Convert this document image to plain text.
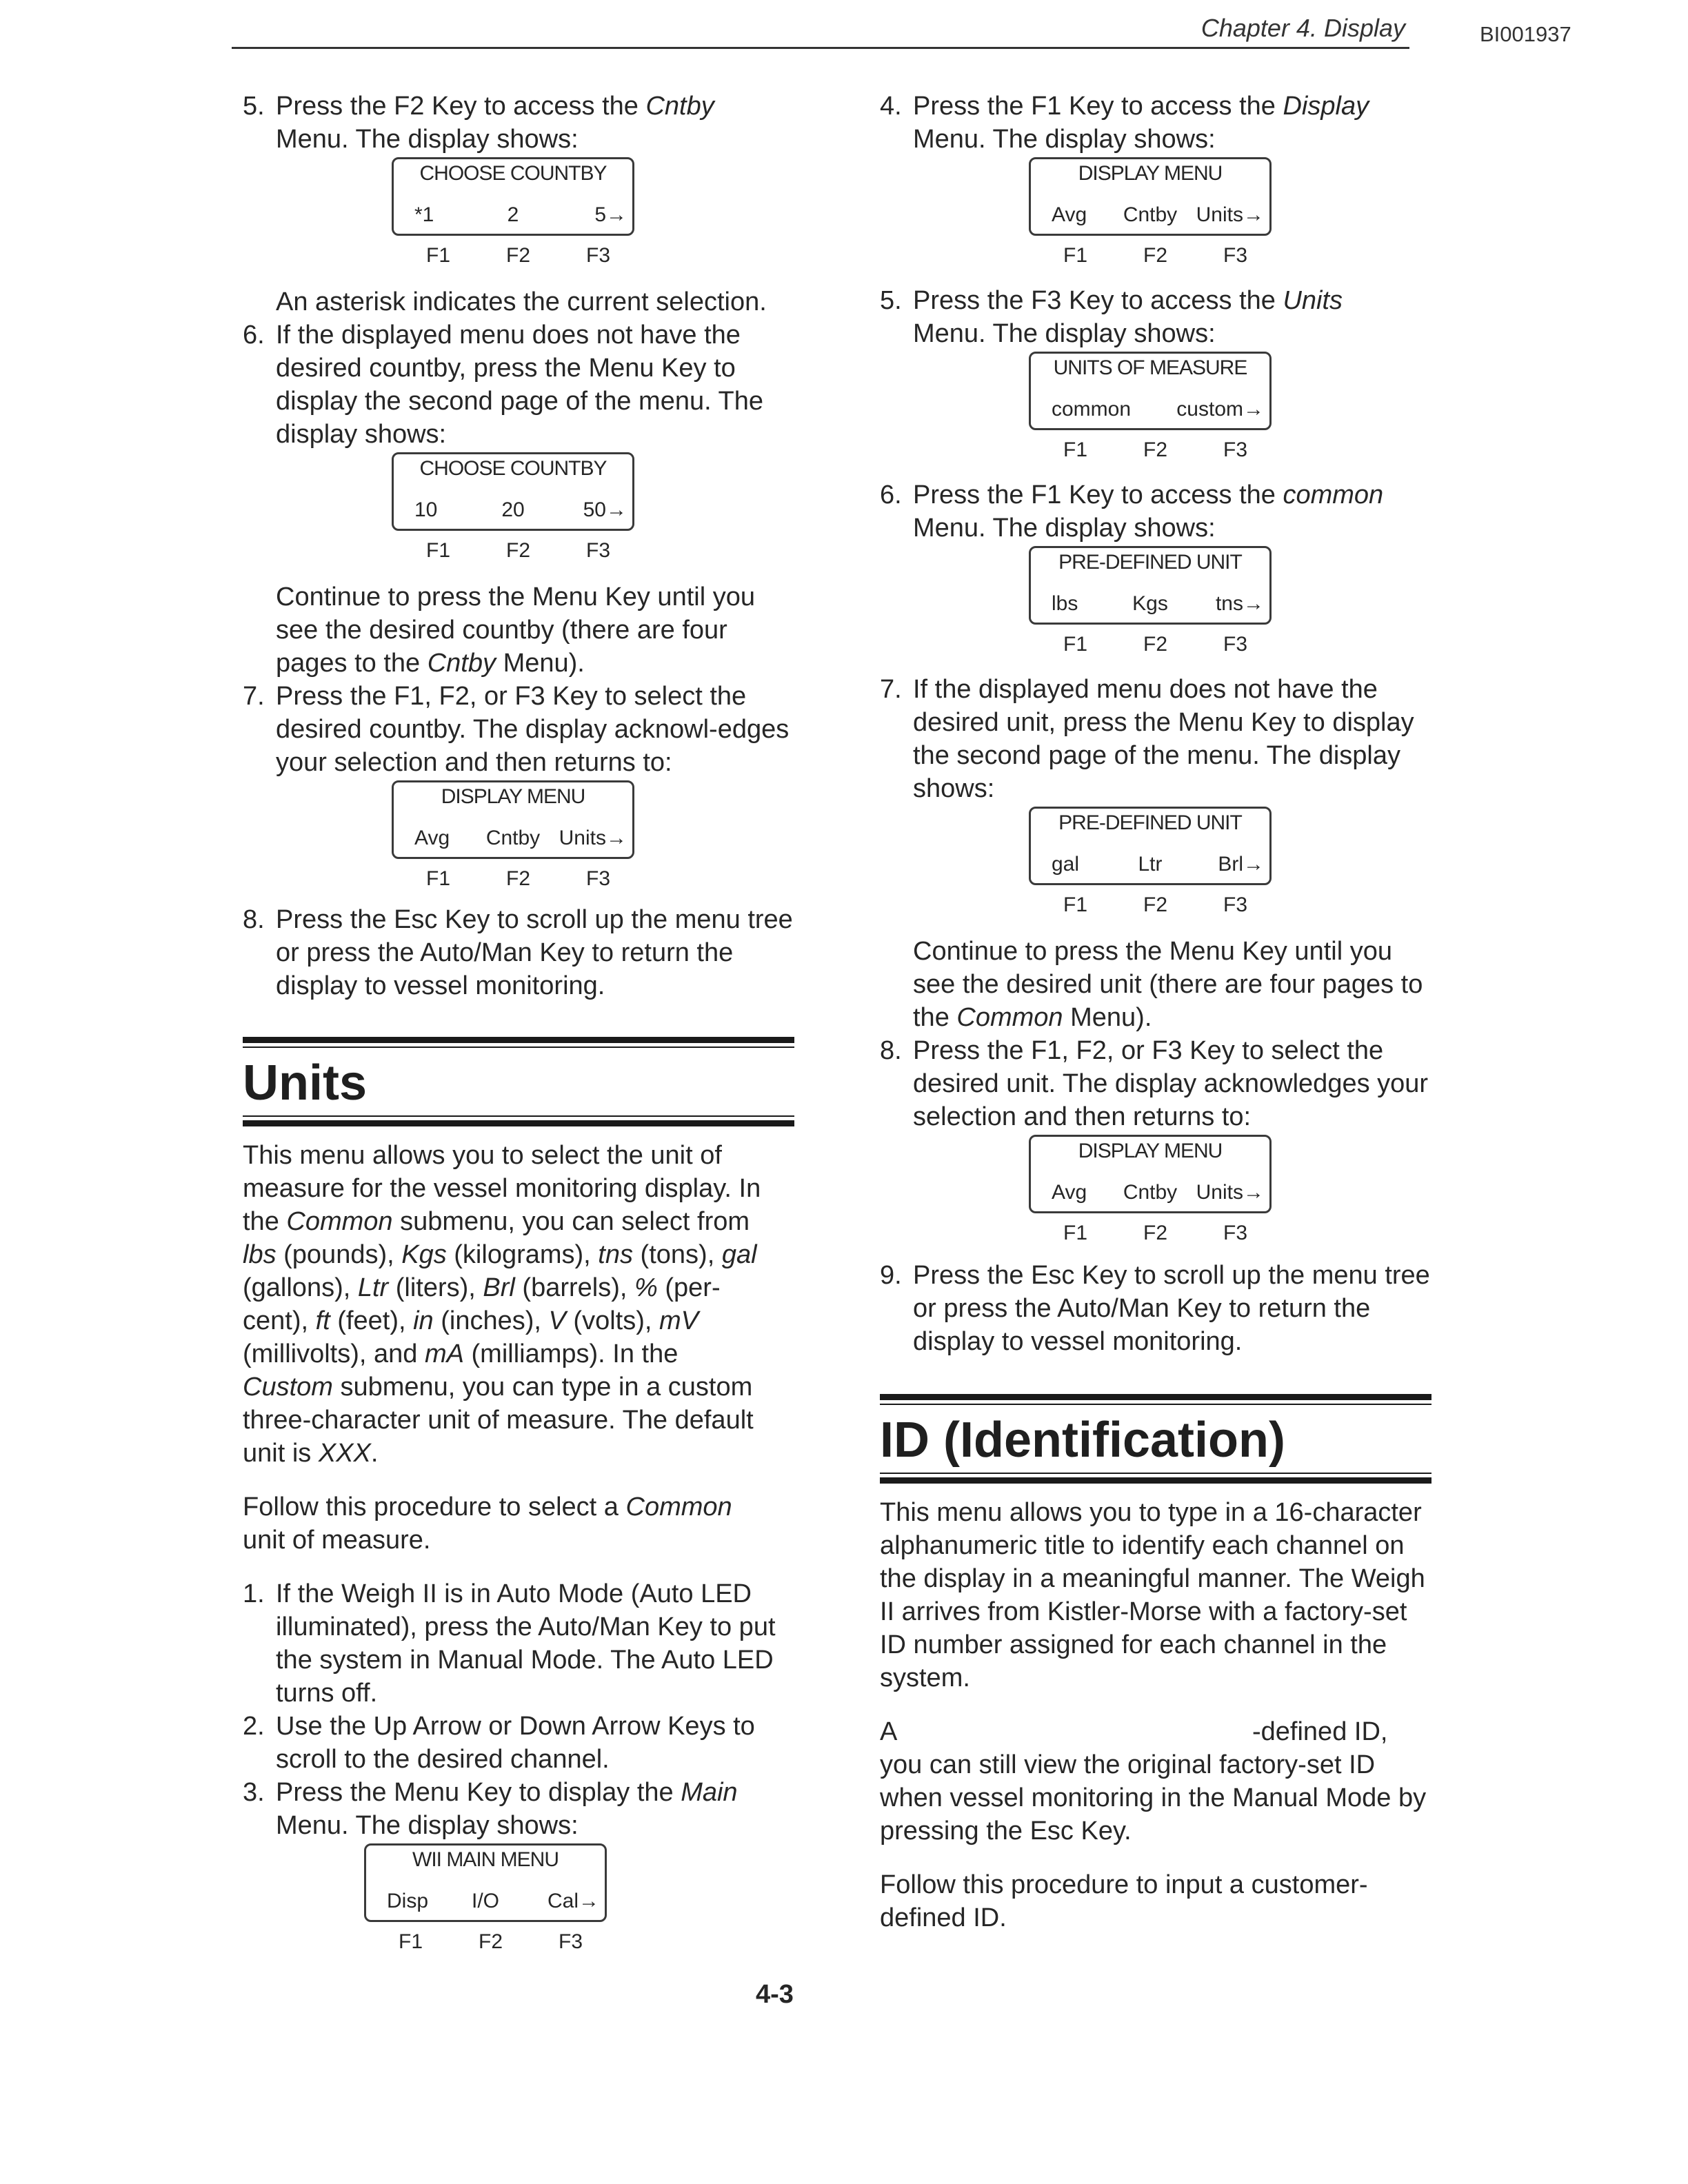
Chapter 4. Display	BI001937
5. Press the F2 Key to access the Cntby
Menu. The display shows:
CHOOSE COUNTBY
*1	2	5→
F1	F2	F3
An asterisk indicates the current selection.
6. If the displayed menu does not have the desired countby, press the Menu Key to display the second page of the menu. The display shows:
CHOOSE COUNTBY
10	20	50→
F1	F2	F3
Continue to press the Menu Key until you see the desired countby (there are four pages to the Cntby Menu).
7. Press the F1, F2, or F3 Key to select the desired countby. The display acknowl-edges your selection and then returns to:
DISPLAY MENU
Avg	Cntby Units→
F1	F2	F3
8. Press the Esc Key to scroll up the menu tree or press the Auto/Man Key to return the display to vessel monitoring.
Units
This menu allows you to select the unit of
measure for the vessel monitoring display. In
the Common submenu, you can select from
lbs (pounds), Kgs (kilograms), tns (tons), gal
(gallons), Ltr (liters), Brl (barrels), % (per-
cent), ft (feet), in (inches), V (volts), mV
(millivolts), and mA (milliamps). In the
Custom submenu, you can type in a custom
three-character unit of measure. The default
unit is XXX.
Follow this procedure to select a Common
unit of measure.
1. If the Weigh II is in Auto Mode (Auto LED illuminated), press the Auto/Man Key to put the system in Manual Mode. The Auto LED turns off.
2. Use the Up Arrow or Down Arrow Keys to scroll to the desired channel.
3. Press the Menu Key to display the Main
Menu. The display shows:
WII MAIN MENU
Disp	I/O	Cal→
F1	F2	F3
4. Press the F1 Key to access the Display
Menu. The display shows:
DISPLAY MENU
Avg	Cntby Units→
F1	F2	F3
5. Press the F3 Key to access the Units
Menu. The display shows:
UNITS OF MEASURE
common custom→
F1	F2	F3
6. Press the F1 Key to access the common
Menu. The display shows:
PRE-DEFINED UNIT
lbs	Kgs	tns→
F1	F2	F3
7. If the displayed menu does not have the desired unit, press the Menu Key to display the second page of the menu. The display shows:
PRE-DEFINED UNIT
gal	Ltr	Brl→
F1	F2	F3
Continue to press the Menu Key until you see the desired unit (there are four pages to the Common Menu).
8. Press the F1, F2, or F3 Key to select the desired unit. The display acknowledges your selection and then returns to:
DISPLAY MENU
Avg	Cntby Units→
F1	F2	F3
9. Press the Esc Key to scroll up the menu tree or press the Auto/Man Key to return the display to vessel monitoring.
ID (Identification)
This menu allows you to type in a 16-character alphanumeric title to identify each channel on the display in a meaningful manner. The Weigh II arrives from Kistler-Morse with a factory-set ID number assigned for each channel in the system.
A	-defined ID,
you can still view the original factory-set ID when vessel monitoring in the Manual Mode by pressing the Esc Key.
Follow this procedure to input a customer-defined ID.
4-3
